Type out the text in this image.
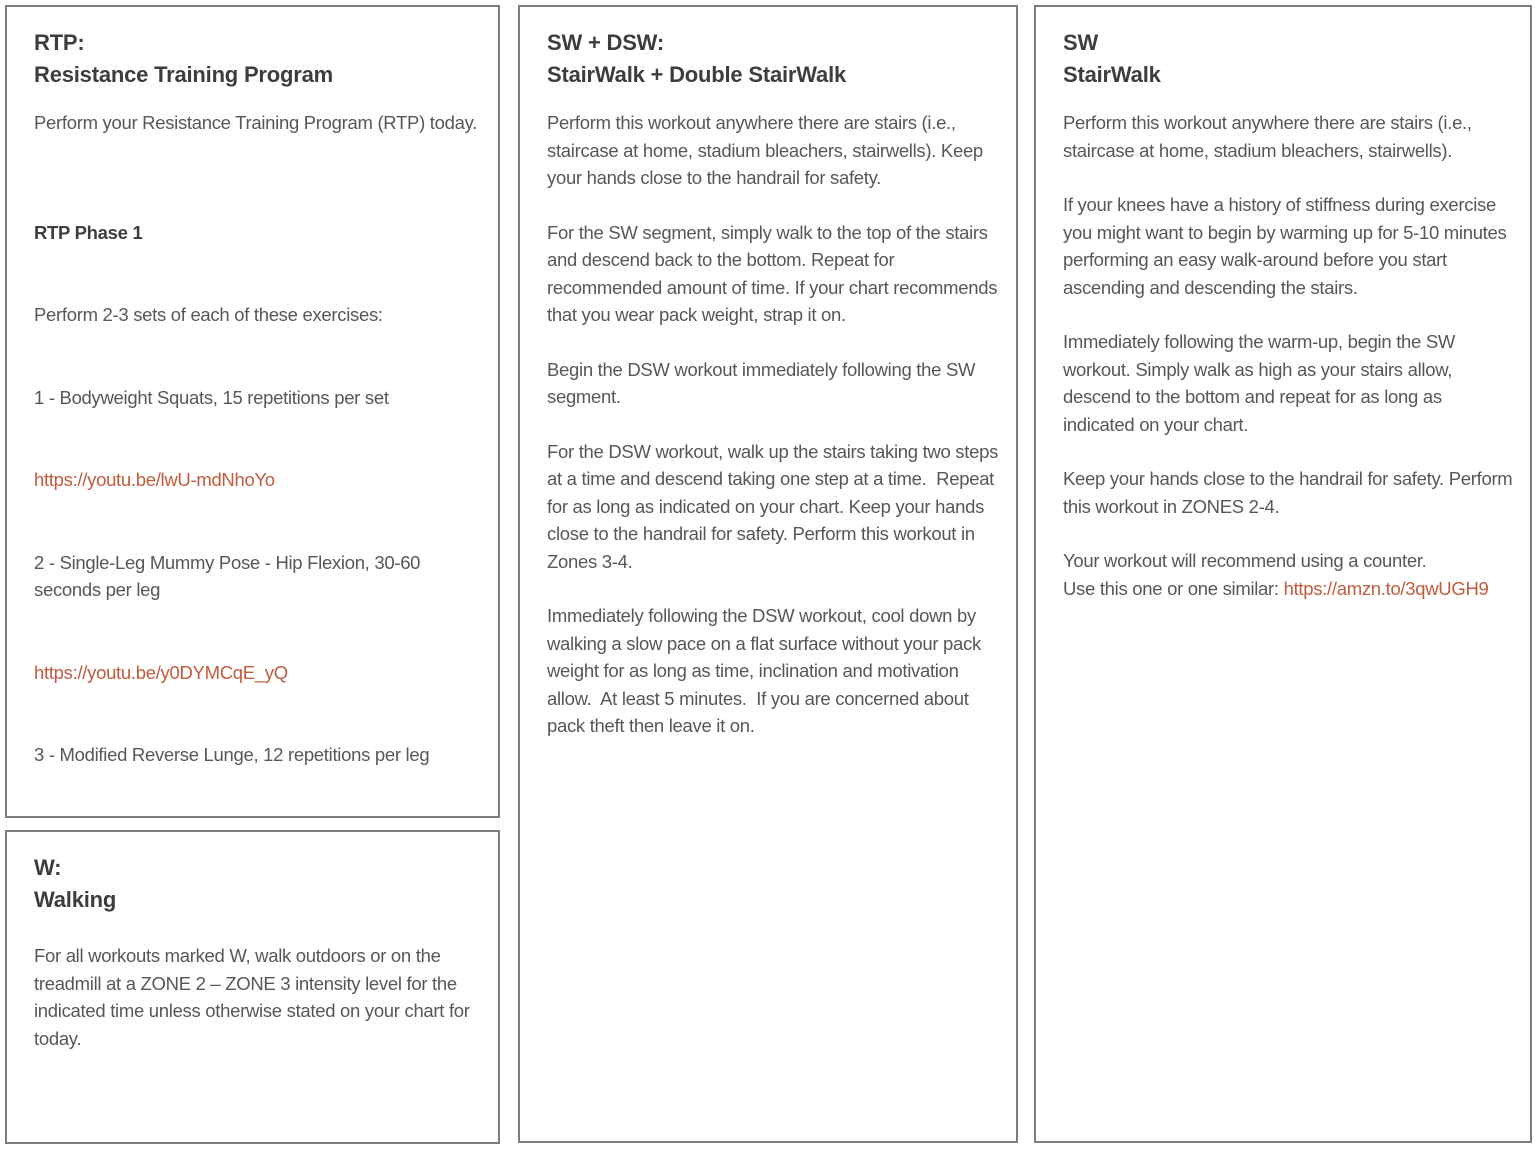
RTP:
Resistance Training Program

Perform your Resistance Training Program (RTP) today.

RTP Phase 1

Perform 2-3 sets of each of these exercises:

1 - Bodyweight Squats, 15 repetitions per set

https://youtu.be/lwU-mdNhoYo

2 - Single-Leg Mummy Pose - Hip Flexion, 30-60 seconds per leg

https://youtu.be/y0DYMCqE_yQ

3 - Modified Reverse Lunge, 12 repetitions per leg

W:
Walking

For all workouts marked W, walk outdoors or on the treadmill at a ZONE 2 – ZONE 3 intensity level for the indicated time unless otherwise stated on your chart for today.

SW + DSW:
StairWalk + Double StairWalk

Perform this workout anywhere there are stairs (i.e., staircase at home, stadium bleachers, stairwells). Keep your hands close to the handrail for safety.

For the SW segment, simply walk to the top of the stairs and descend back to the bottom. Repeat for recommended amount of time. If your chart recommends that you wear pack weight, strap it on.

Begin the DSW workout immediately following the SW segment.

For the DSW workout, walk up the stairs taking two steps at a time and descend taking one step at a time.  Repeat for as long as indicated on your chart. Keep your hands close to the handrail for safety. Perform this workout in Zones 3-4.

Immediately following the DSW workout, cool down by walking a slow pace on a flat surface without your pack weight for as long as time, inclination and motivation allow.  At least 5 minutes.  If you are concerned about pack theft then leave it on.

SW
StairWalk

Perform this workout anywhere there are stairs (i.e., staircase at home, stadium bleachers, stairwells).

If your knees have a history of stiffness during exercise you might want to begin by warming up for 5-10 minutes performing an easy walk-around before you start ascending and descending the stairs.

Immediately following the warm-up, begin the SW workout. Simply walk as high as your stairs allow, descend to the bottom and repeat for as long as indicated on your chart.

Keep your hands close to the handrail for safety. Perform this workout in ZONES 2-4.

Your workout will recommend using a counter.
Use this one or one similar: https://amzn.to/3qwUGH9
